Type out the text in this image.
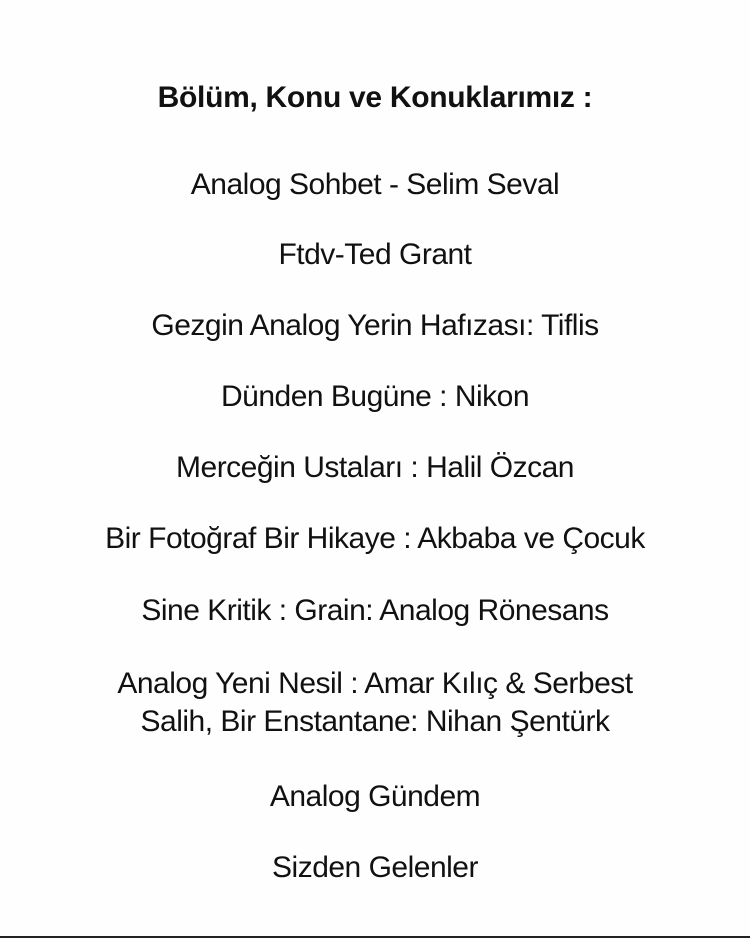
Bölüm, Konu ve Konuklarımız :
Analog Sohbet - Selim Seval
Ftdv-Ted Grant
Gezgin Analog Yerin Hafızası: Tiflis
Dünden Bugüne : Nikon
Merceğin Ustaları : Halil Özcan
Bir Fotoğraf Bir Hikaye : Akbaba ve Çocuk
Sine Kritik : Grain: Analog Rönesans
Analog Yeni Nesil : Amar Kılıç & Serbest
Salih, Bir Enstantane: Nihan Şentürk
Analog Gündem
Sizden Gelenler
